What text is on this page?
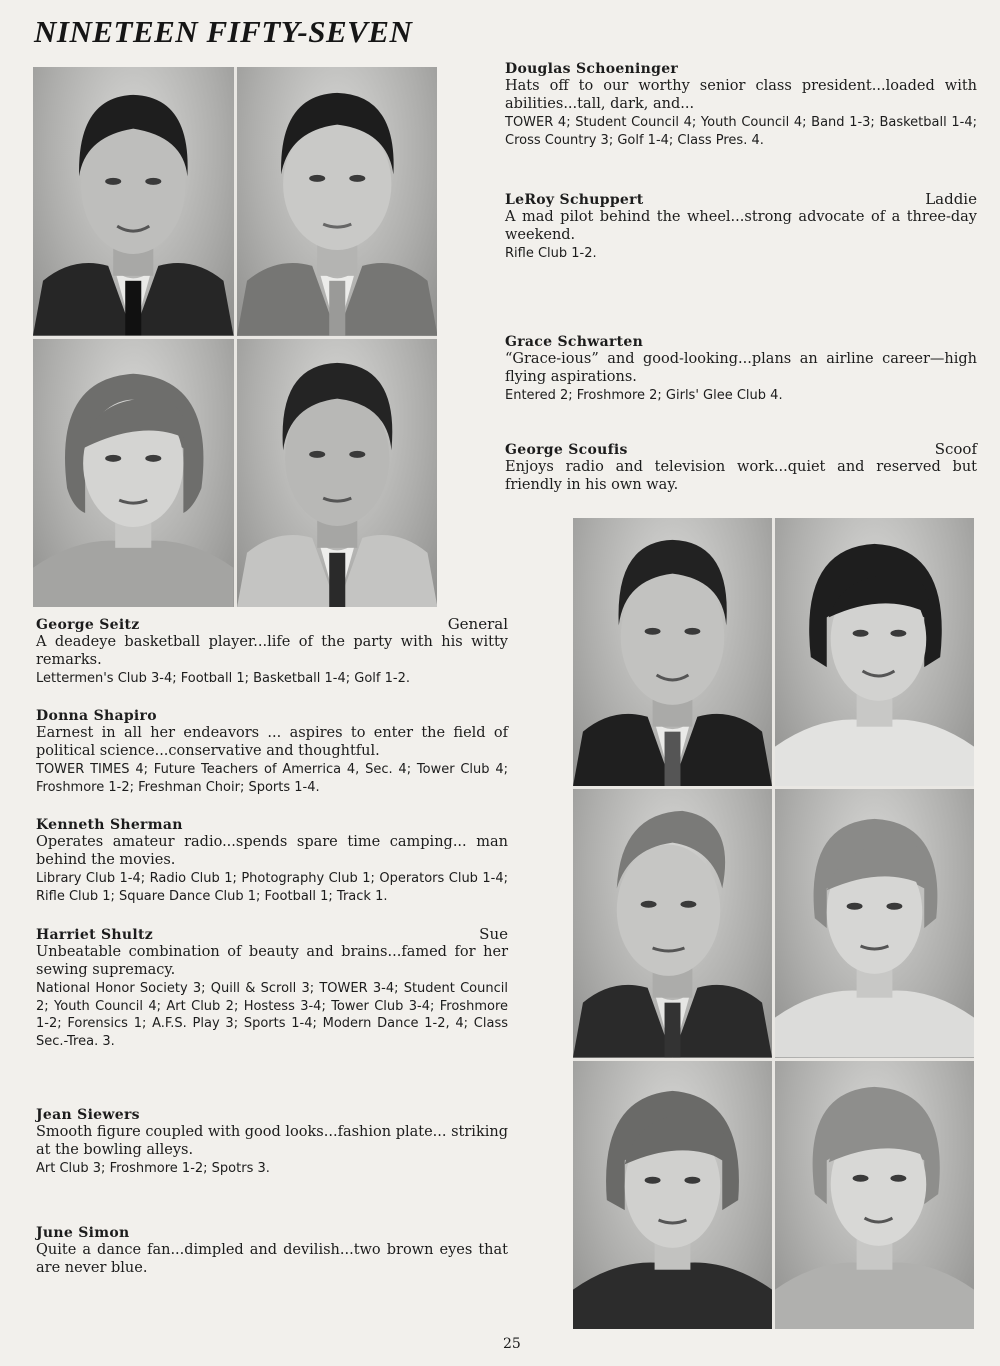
NINETEEN FIFTY-SEVEN
Douglas Schoeninger
Hats off to our worthy senior class president...loaded with abilities...tall, dark, and...
TOWER 4; Student Council 4; Youth Council 4; Band 1-3; Basketball 1-4; Cross Country 3; Golf 1-4; Class Pres. 4.
LeRoy Schuppert	Laddie
A mad pilot behind the wheel...strong advocate of a three-day weekend.
Rifle Club 1-2.
Grace Schwarten
“Grace-ious” and good-looking...plans an airline career—high flying aspirations.
Entered 2; Froshmore 2; Girls' Glee Club 4.
George Scoufis	Scoof
Enjoys radio and television work...quiet and reserved but friendly in his own way.
George Seitz	General
A deadeye basketball player...life of the party with his witty remarks.
Lettermen's Club 3-4; Football 1; Basketball 1-4; Golf 1-2.
Donna Shapiro
Earnest in all her endeavors ... aspires to enter the field of political science...conservative and thoughtful.
TOWER TIMES 4; Future Teachers of Amerrica 4, Sec. 4; Tower Club 4; Froshmore 1-2; Freshman Choir; Sports 1-4.
Kenneth Sherman
Operates amateur radio...spends spare time camping... man behind the movies.
Library Club 1-4; Radio Club 1; Photography Club 1; Operators Club 1-4; Rifle Club 1; Square Dance Club 1; Football 1; Track 1.
Harriet Shultz	Sue
Unbeatable combination of beauty and brains...famed for her sewing supremacy.
National Honor Society 3; Quill & Scroll 3; TOWER 3-4; Student Council 2; Youth Council 4; Art Club 2; Hostess 3-4; Tower Club 3-4; Froshmore 1-2; Forensics 1; A.F.S. Play 3; Sports 1-4; Modern Dance 1-2, 4; Class Sec.-Trea. 3.
Jean Siewers
Smooth figure coupled with good looks...fashion plate... striking at the bowling alleys.
Art Club 3; Froshmore 1-2; Spotrs 3.
June Simon
Quite a dance fan...dimpled and devilish...two brown eyes that are never blue.
25
